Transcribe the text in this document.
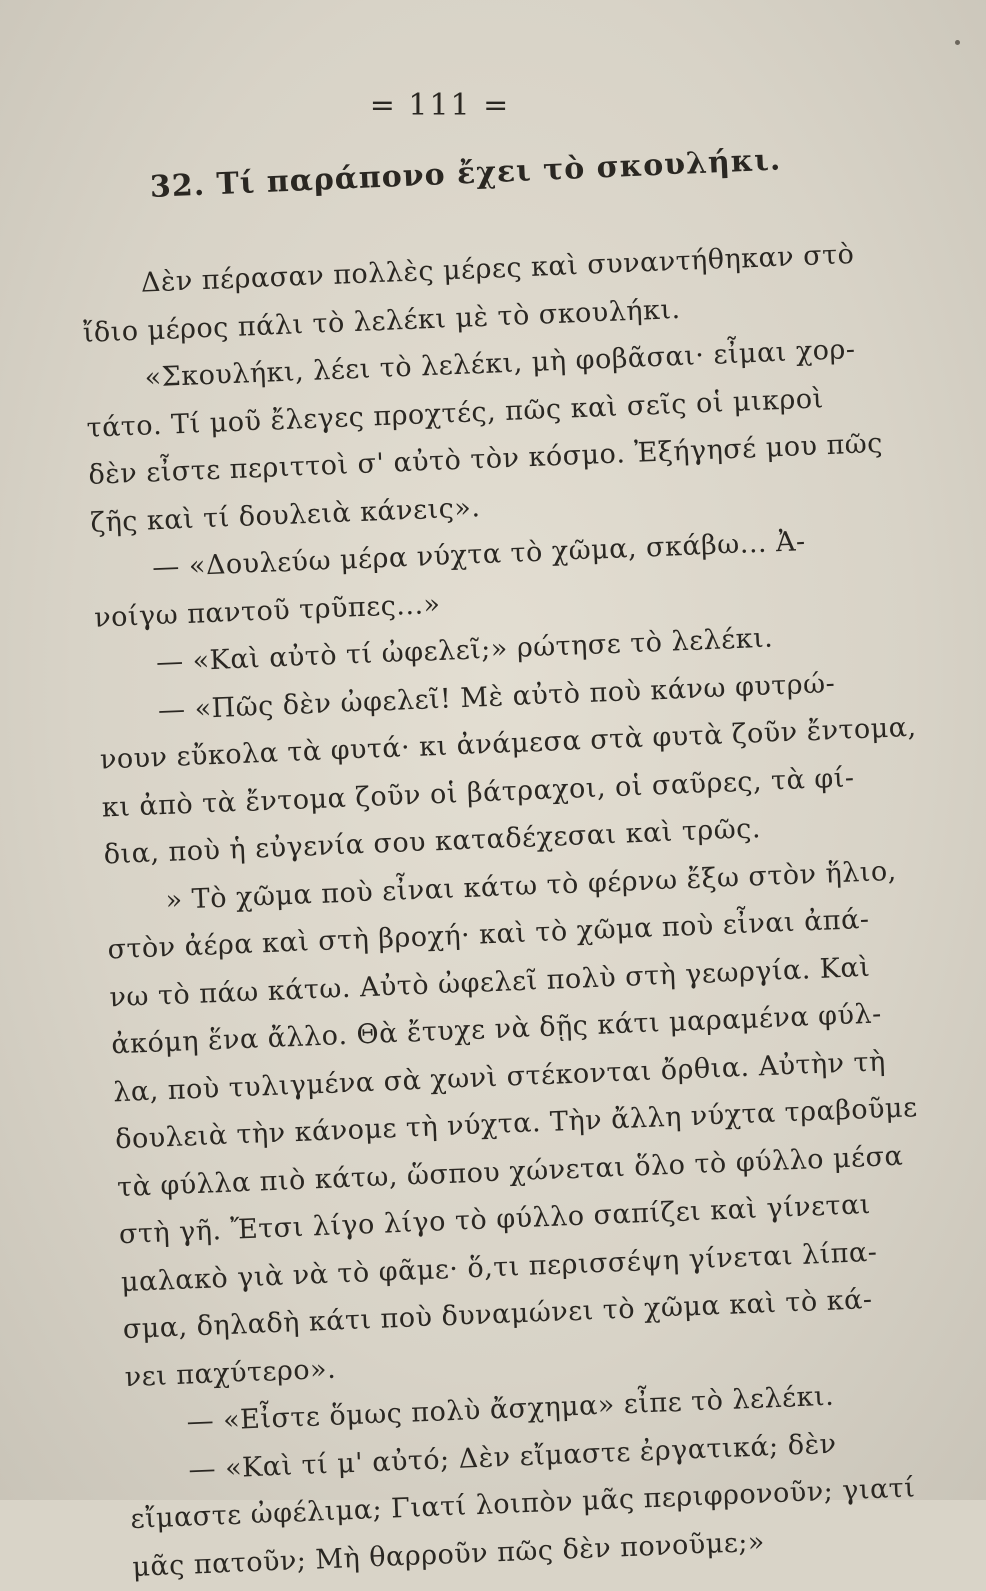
= 111 =
32. Τί παράπονο ἔχει τὸ σκουλήκι.
Δὲν πέρασαν πολλὲς μέρες καὶ συναντήθηκαν στὸ
ἴδιο μέρος πάλι τὸ λελέκι μὲ τὸ σκουλήκι.
«Σκουλήκι, λέει τὸ λελέκι, μὴ φοβᾶσαι· εἶμαι χορ-
τάτο. Τί μοῦ ἔλεγες προχτές, πῶς καὶ σεῖς οἱ μικροὶ
δὲν εἶστε περιττοὶ σ' αὐτὸ τὸν κόσμο. Ἐξήγησέ μου πῶς
ζῆς καὶ τί δουλειὰ κάνεις».
— «Δουλεύω μέρα νύχτα τὸ χῶμα, σκάβω... Ἀ-
νοίγω παντοῦ τρῦπες...»
— «Καὶ αὐτὸ τί ὠφελεῖ;» ρώτησε τὸ λελέκι.
— «Πῶς δὲν ὠφελεῖ! Μὲ αὐτὸ ποὺ κάνω φυτρώ-
νουν εὔκολα τὰ φυτά· κι ἀνάμεσα στὰ φυτὰ ζοῦν ἔντομα,
κι ἀπὸ τὰ ἔντομα ζοῦν οἱ βάτραχοι, οἱ σαῦρες, τὰ φί-
δια, ποὺ ἡ εὐγενία σου καταδέχεσαι καὶ τρῶς.
» Τὸ χῶμα ποὺ εἶναι κάτω τὸ φέρνω ἔξω στὸν ἥλιο,
στὸν ἀέρα καὶ στὴ βροχή· καὶ τὸ χῶμα ποὺ εἶναι ἀπά-
νω τὸ πάω κάτω. Αὐτὸ ὠφελεῖ πολὺ στὴ γεωργία. Καὶ
ἀκόμη ἕνα ἄλλο. Θὰ ἔτυχε νὰ δῇς κάτι μαραμένα φύλ-
λα, ποὺ τυλιγμένα σὰ χωνὶ στέκονται ὄρθια. Αὐτὴν τὴ
δουλειὰ τὴν κάνομε τὴ νύχτα. Τὴν ἄλλη νύχτα τραβοῦμε
τὰ φύλλα πιὸ κάτω, ὥσπου χώνεται ὅλο τὸ φύλλο μέσα
στὴ γῆ. Ἔτσι λίγο λίγο τὸ φύλλο σαπίζει καὶ γίνεται
μαλακὸ γιὰ νὰ τὸ φᾶμε· ὅ,τι περισσέψη γίνεται λίπα-
σμα, δηλαδὴ κάτι ποὺ δυναμώνει τὸ χῶμα καὶ τὸ κά-
νει παχύτερο».
— «Εἶστε ὅμως πολὺ ἄσχημα» εἶπε τὸ λελέκι.
— «Καὶ τί μ' αὐτό; Δὲν εἴμαστε ἐργατικά; δὲν
εἴμαστε ὠφέλιμα; Γιατί λοιπὸν μᾶς περιφρονοῦν; γιατί
μᾶς πατοῦν; Μὴ θαρροῦν πῶς δὲν πονοῦμε;»
